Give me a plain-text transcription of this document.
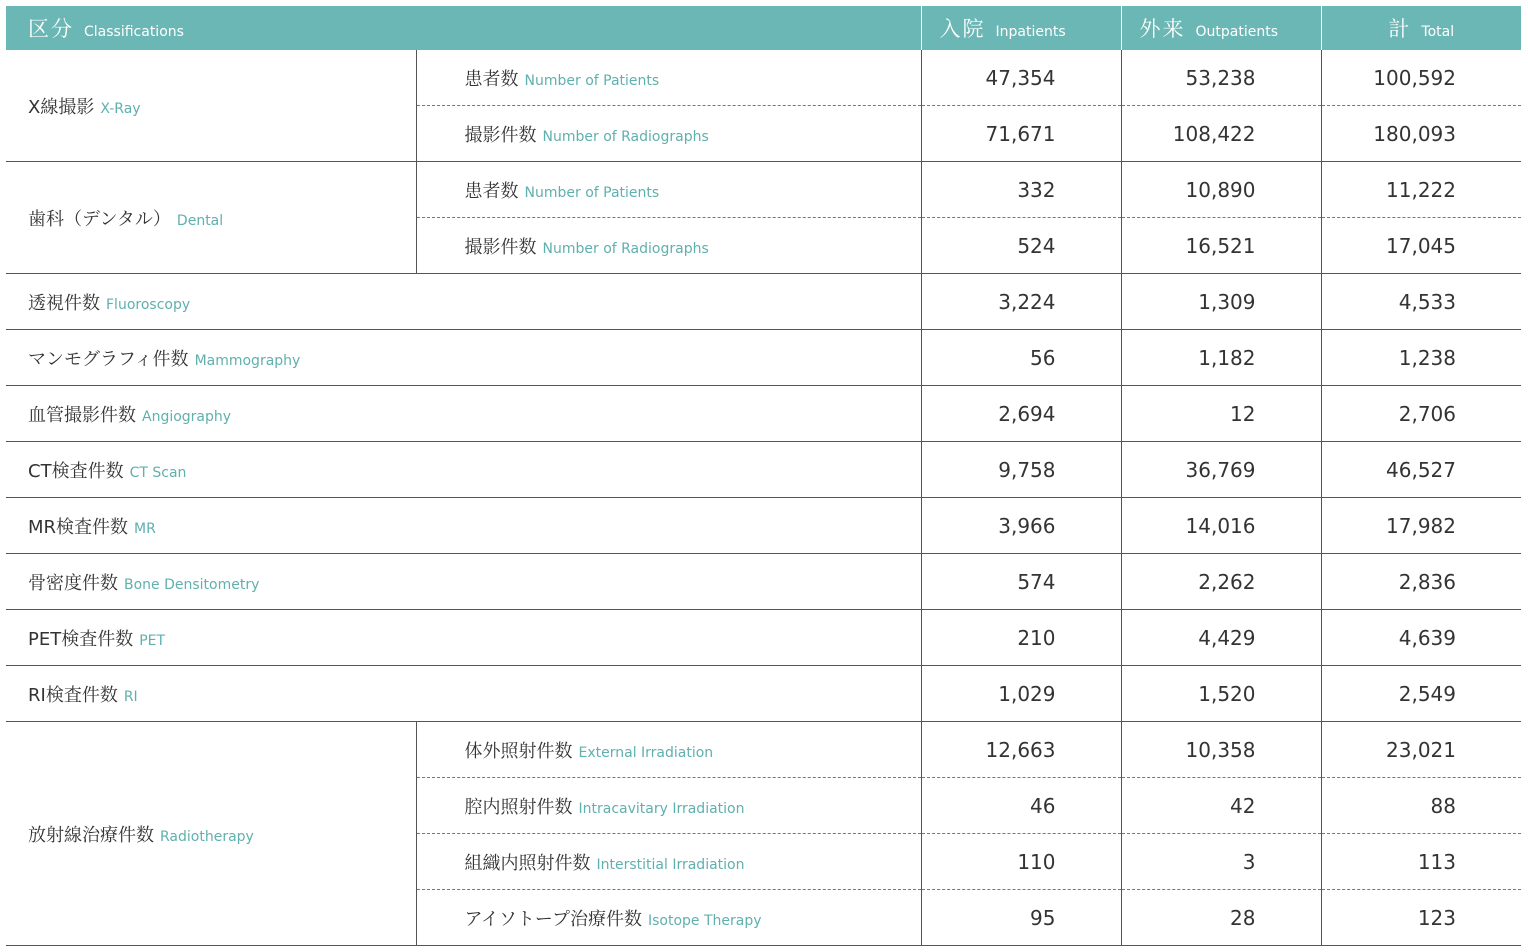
区分 Classifications		入院 Inpatients	外来 Outpatients	計 Total
X線撮影 X-Ray	患者数 Number of Patients	47,354	53,238	100,592
	撮影件数 Number of Radiographs	71,671	108,422	180,093
歯科（デンタル） Dental	患者数 Number of Patients	332	10,890	11,222
	撮影件数 Number of Radiographs	524	16,521	17,045
透視件数 Fluoroscopy		3,224	1,309	4,533
マンモグラフィ件数 Mammography		56	1,182	1,238
血管撮影件数 Angiography		2,694	12	2,706
CT検査件数 CT Scan		9,758	36,769	46,527
MR検査件数 MR		3,966	14,016	17,982
骨密度件数 Bone Densitometry		574	2,262	2,836
PET検査件数 PET		210	4,429	4,639
RI検査件数 RI		1,029	1,520	2,549
放射線治療件数 Radiotherapy	体外照射件数 External Irradiation	12,663	10,358	23,021
	腔内照射件数 Intracavitary Irradiation	46	42	88
	組織内照射件数 Interstitial Irradiation	110	3	113
	アイソトープ治療件数 Isotope Therapy	95	28	123
